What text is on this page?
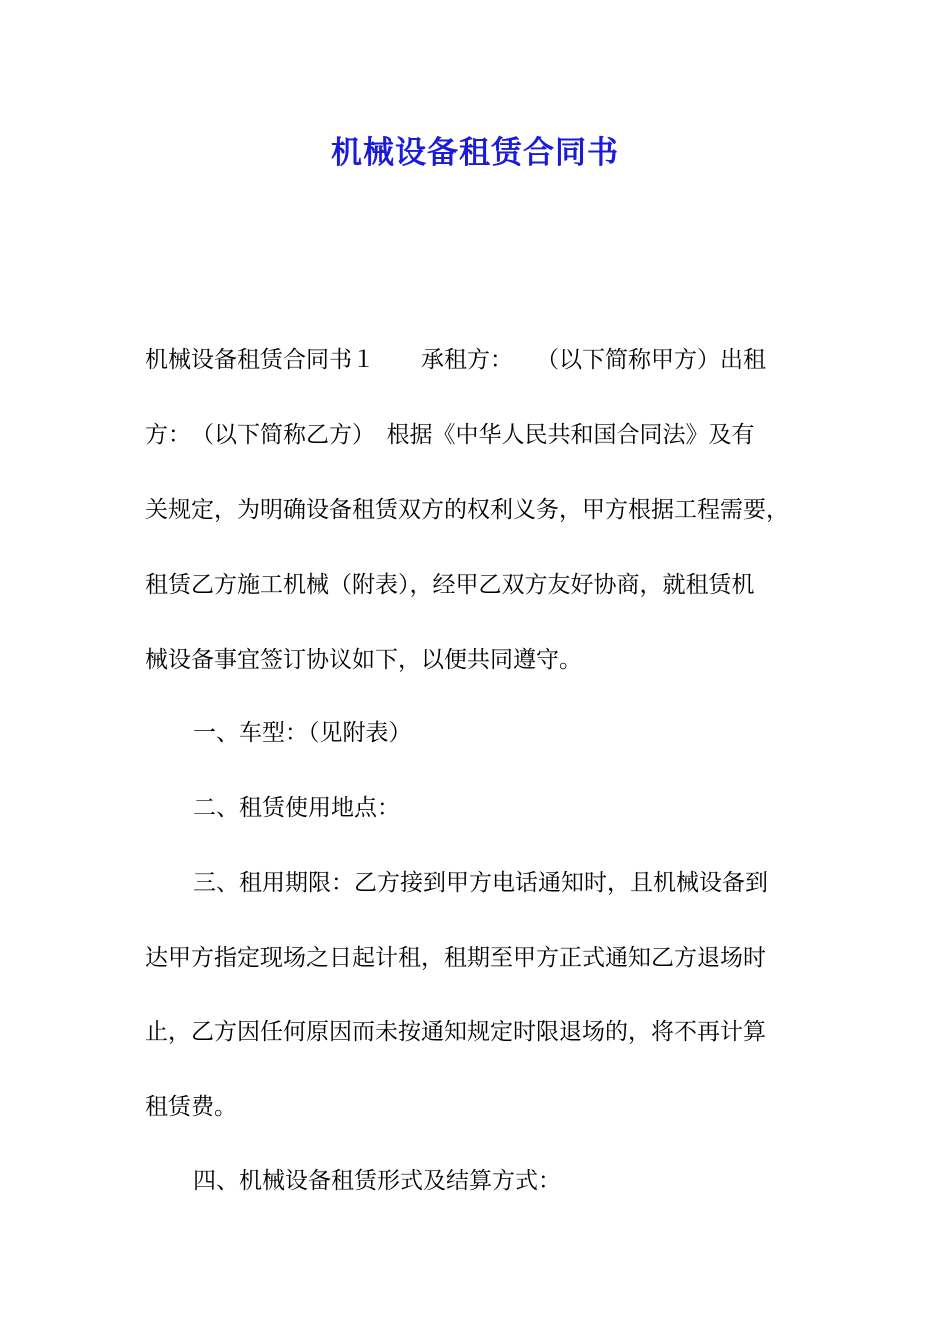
机械设备租赁合同书
机械设备租赁合同书１　　承租方：　　（以下简称甲方）出租
方：　（以下简称乙方）　根据《中华人民共和国合同法》及有
关规定，为明确设备租赁双方的权利义务，甲方根据工程需要，
租赁乙方施工机械（附表），经甲乙双方友好协商，就租赁机
械设备事宜签订协议如下，以便共同遵守。
一、车型：（见附表）
二、租赁使用地点：
三、租用期限：乙方接到甲方电话通知时，且机械设备到
达甲方指定现场之日起计租，租期至甲方正式通知乙方退场时
止，乙方因任何原因而未按通知规定时限退场的，将不再计算
租赁费。
四、机械设备租赁形式及结算方式：
